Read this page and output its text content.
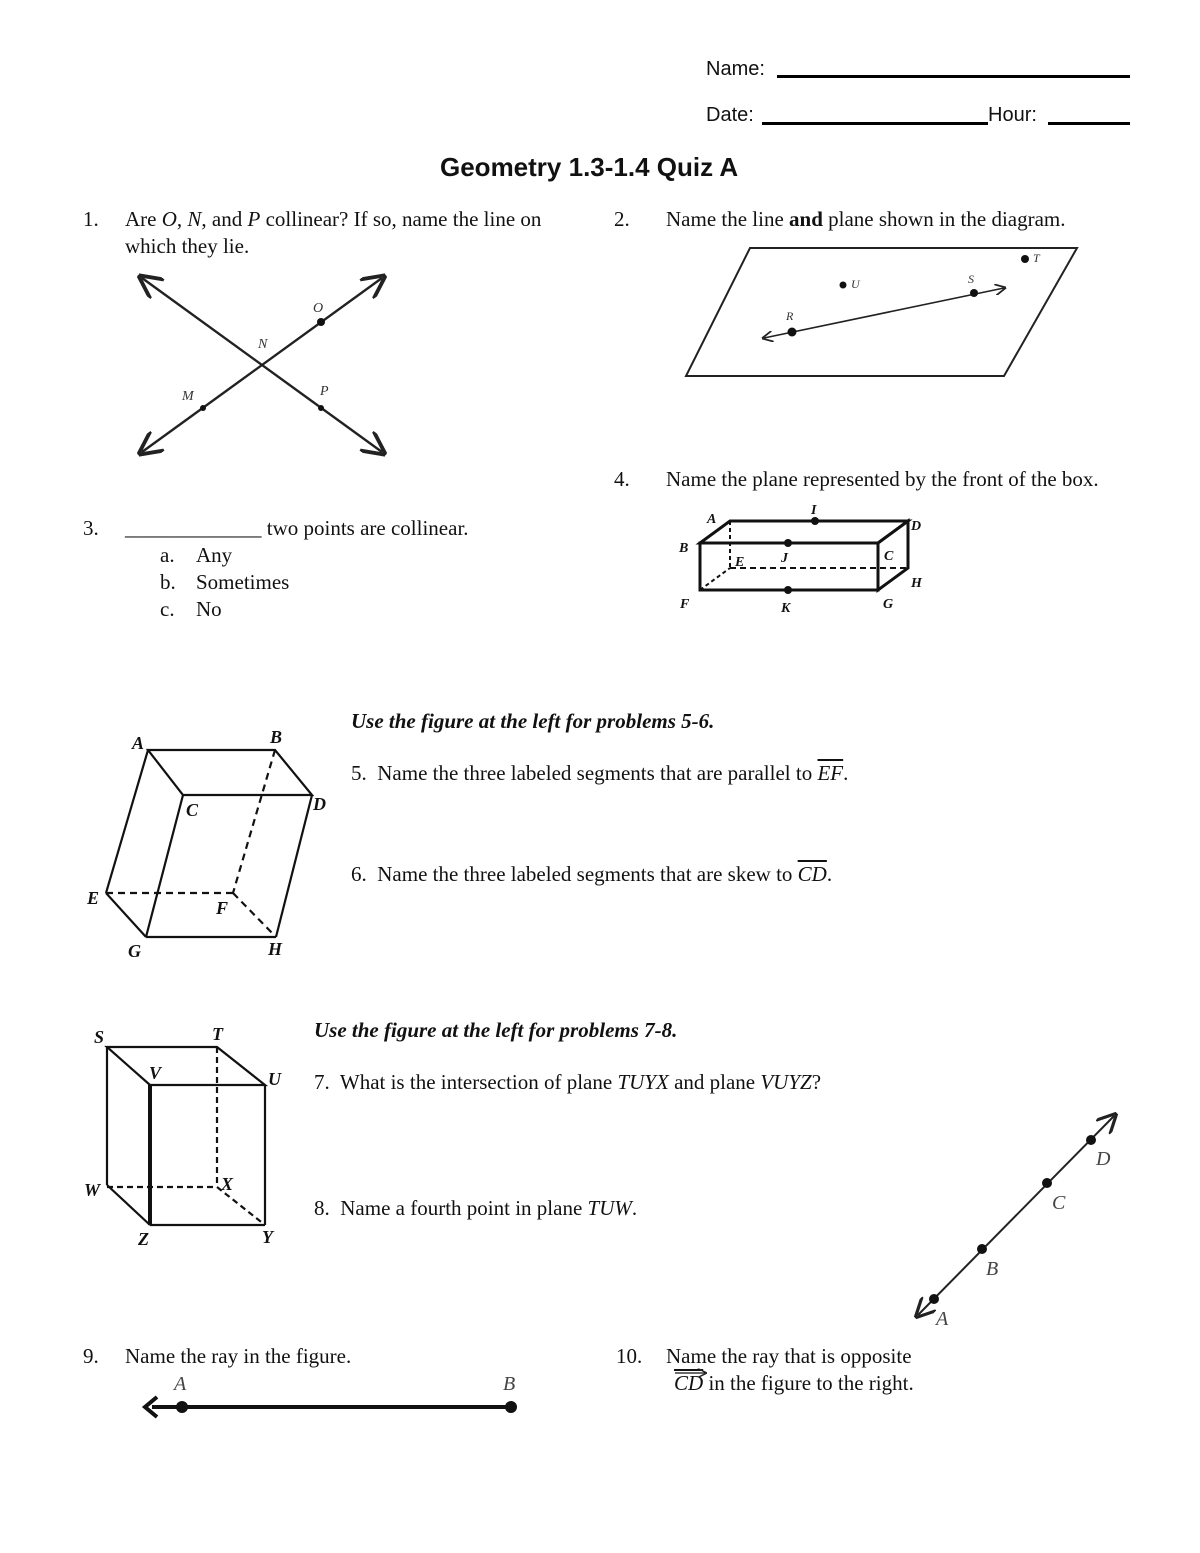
Name:
Date:	Hour:
Geometry 1.3-1.4 Quiz A
1. Are O, N, and P collinear? If so, name the line on
which they lie.
2. Name the line and plane shown in the diagram.
3. _____________ two points are collinear.
a. Any
b. Sometimes
c. No
4. Name the plane represented by the front of the box.
Use the figure at the left for problems 5-6.
5. Name the three labeled segments that are parallel to $\overline{EF}$.
6. Name the three labeled segments that are skew to $\overline{CD}$.
Use the figure at the left for problems 7-8.
7. What is the intersection of plane TUYX and plane VUYZ?
8. Name a fourth point in plane TUW.
9. Name the ray in the figure.	10. Name the ray that is opposite
$\overline{CD}$ in the figure to the right.
O
N
M	P
T
U	S
R
A
I
D
B
E	J	C
H
F	K	G
A	B
C	D
E	F
G	H
S	T
V	U
W	X
Z	Y
D
C
B
A
A	B
